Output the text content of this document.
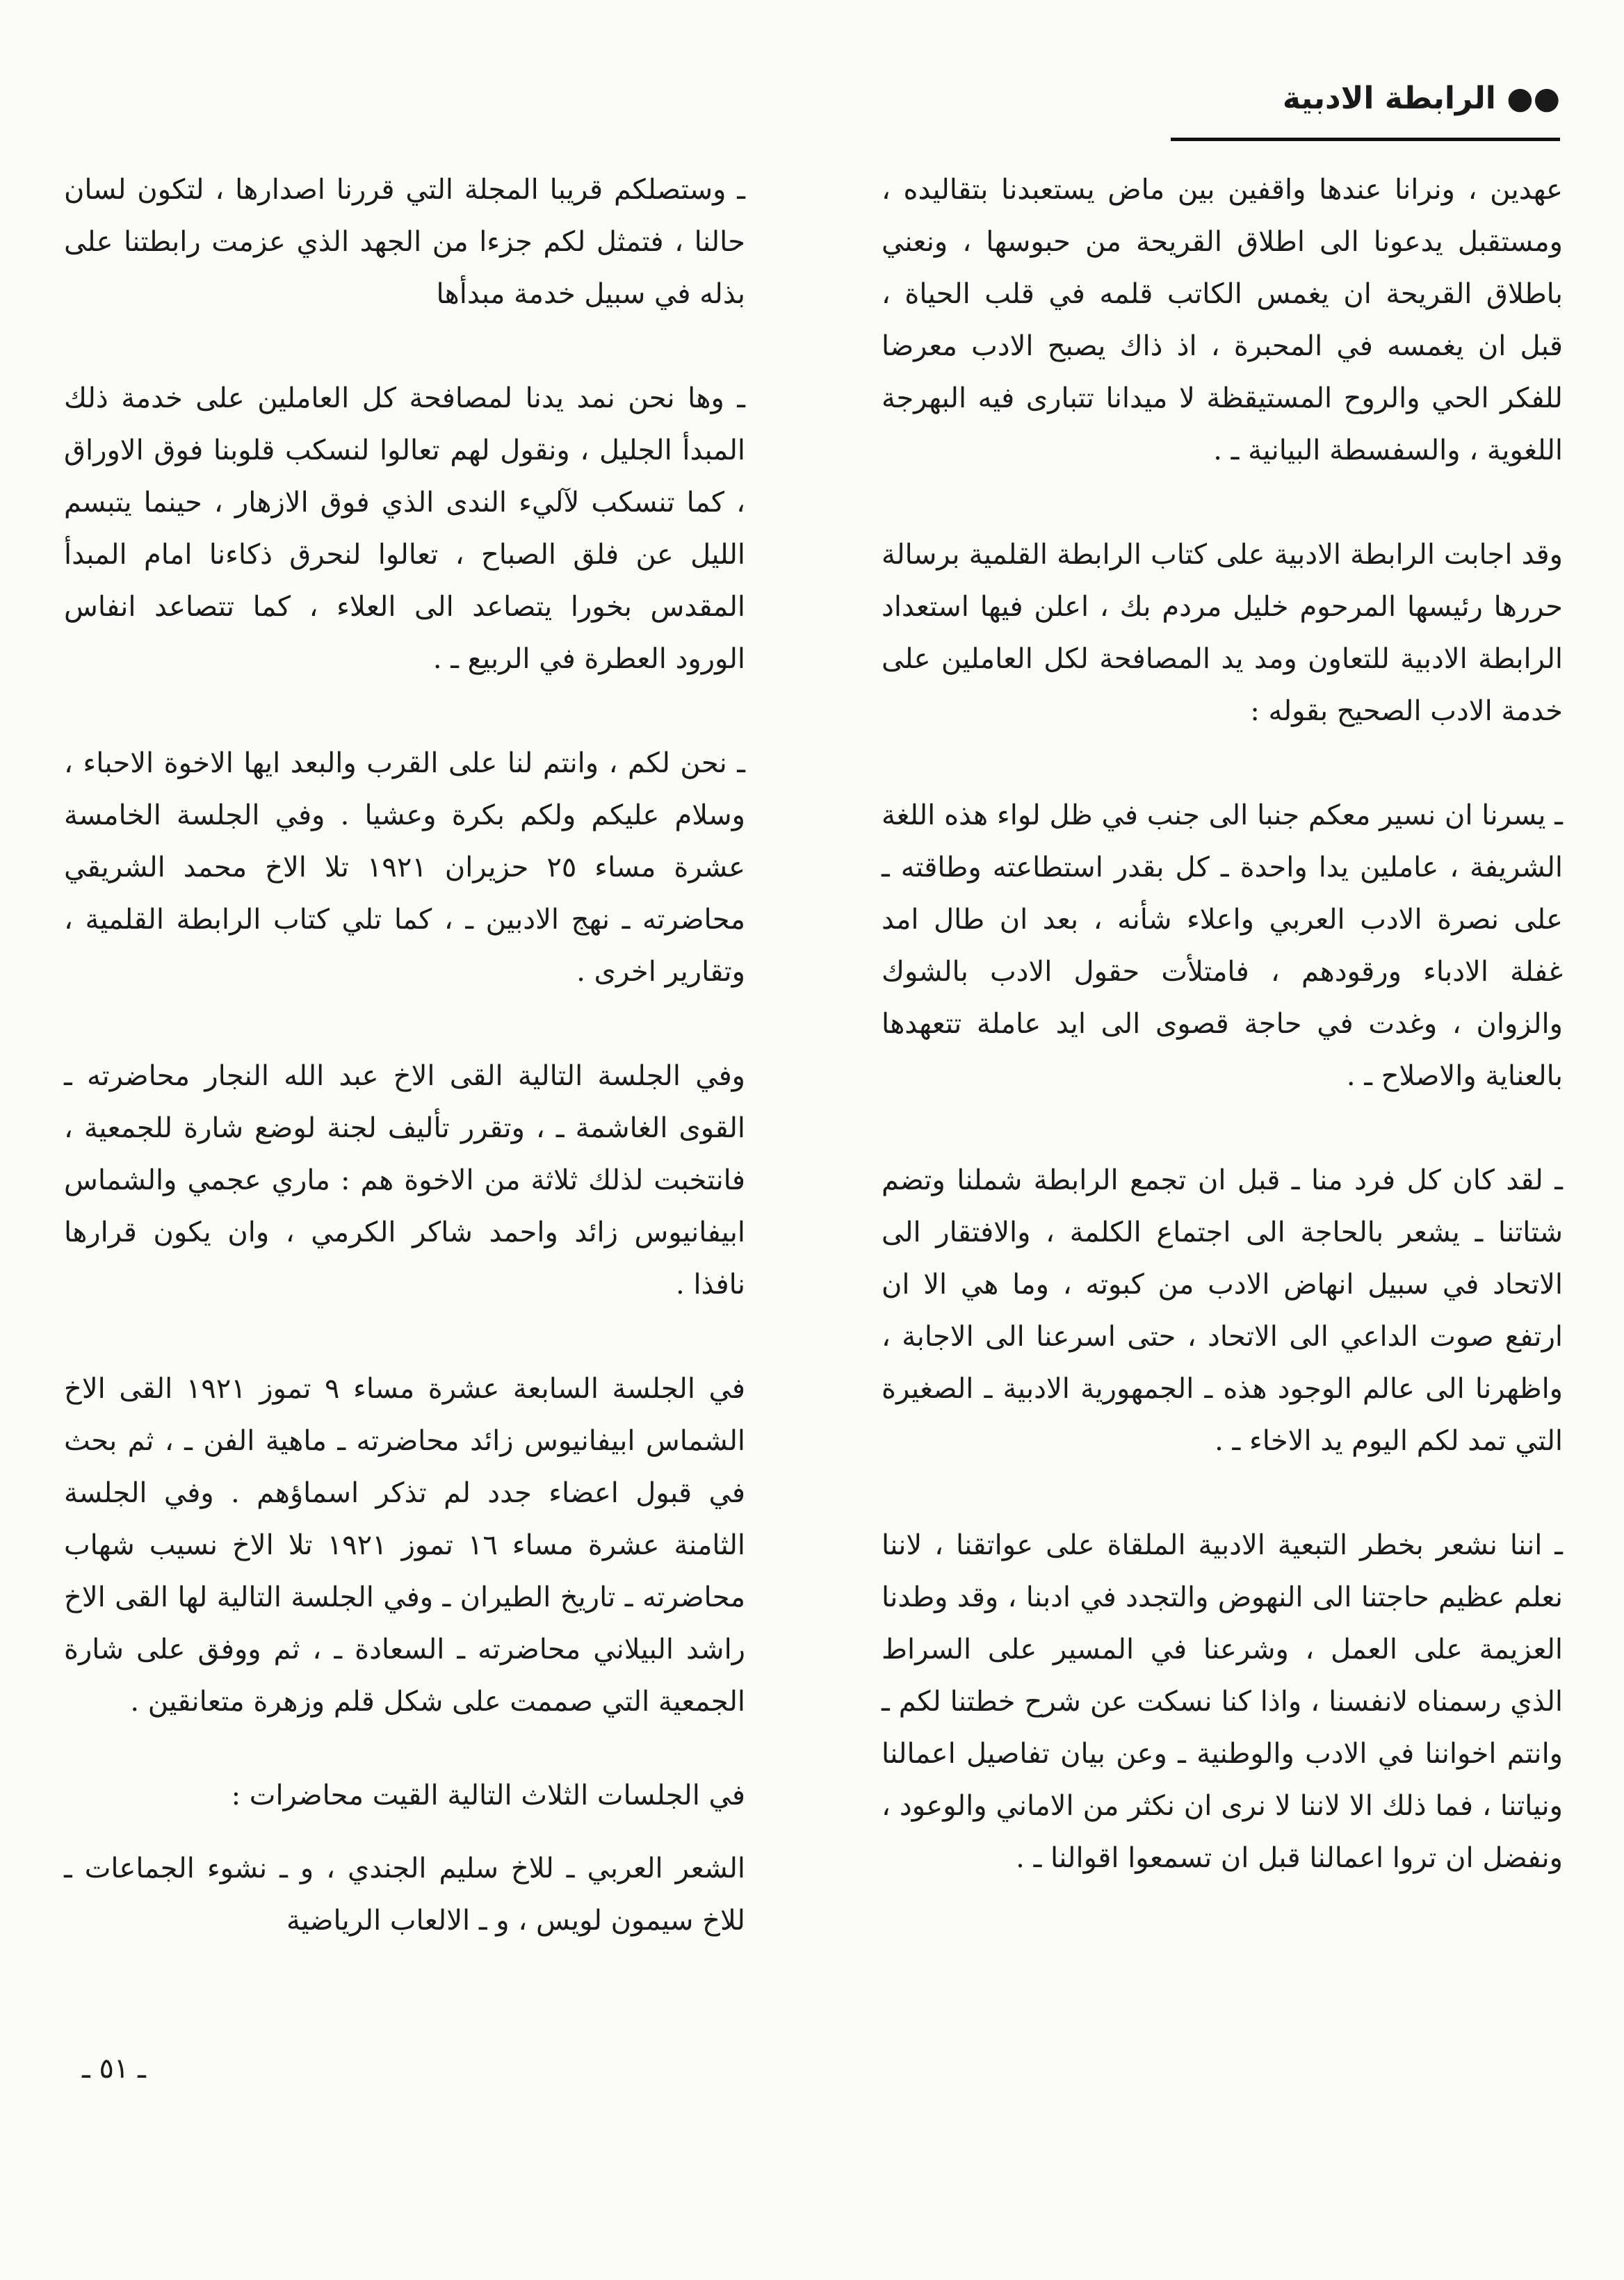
●● الرابطة الادبية

عهدين ، ونرانا عندها واقفين بين ماض يستعبدنا بتقاليده ، ومستقبل يدعونا الى اطلاق القريحة من حبوسها ، ونعني باطلاق القريحة ان يغمس الكاتب قلمه في قلب الحياة ، قبل ان يغمسه في المحبرة ، اذ ذاك يصبح الادب معرضا للفكر الحي والروح المستيقظة لا ميدانا تتبارى فيه البهرجة اللغوية ، والسفسطة البيانية ـ .

وقد اجابت الرابطة الادبية على كتاب الرابطة القلمية برسالة حررها رئيسها المرحوم خليل مردم بك ، اعلن فيها استعداد الرابطة الادبية للتعاون ومد يد المصافحة لكل العاملين على خدمة الادب الصحيح بقوله :

ـ يسرنا ان نسير معكم جنبا الى جنب في ظل لواء هذه اللغة الشريفة ، عاملين يدا واحدة ـ كل بقدر استطاعته وطاقته ـ على نصرة الادب العربي واعلاء شأنه ، بعد ان طال امد غفلة الادباء ورقودهم ، فامتلأت حقول الادب بالشوك والزوان ، وغدت في حاجة قصوى الى ايد عاملة تتعهدها بالعناية والاصلاح ـ .

ـ لقد كان كل فرد منا ـ قبل ان تجمع الرابطة شملنا وتضم شتاتنا ـ يشعر بالحاجة الى اجتماع الكلمة ، والافتقار الى الاتحاد في سبيل انهاض الادب من كبوته ، وما هي الا ان ارتفع صوت الداعي الى الاتحاد ، حتى اسرعنا الى الاجابة ، واظهرنا الى عالم الوجود هذه ـ الجمهورية الادبية ـ الصغيرة التي تمد لكم اليوم يد الاخاء ـ .

ـ اننا نشعر بخطر التبعية الادبية الملقاة على عواتقنا ، لاننا نعلم عظيم حاجتنا الى النهوض والتجدد في ادبنا ، وقد وطدنا العزيمة على العمل ، وشرعنا في المسير على السراط الذي رسمناه لانفسنا ، واذا كنا نسكت عن شرح خطتنا لكم ـ وانتم اخواننا في الادب والوطنية ـ وعن بيان تفاصيل اعمالنا ونياتنا ، فما ذلك الا لاننا لا نرى ان نكثر من الاماني والوعود ، ونفضل ان تروا اعمالنا قبل ان تسمعوا اقوالنا ـ .

ـ وستصلكم قريبا المجلة التي قررنا اصدارها ، لتكون لسان حالنا ، فتمثل لكم جزءا من الجهد الذي عزمت رابطتنا على بذله في سبيل خدمة مبدأها

ـ وها نحن نمد يدنا لمصافحة كل العاملين على خدمة ذلك المبدأ الجليل ، ونقول لهم تعالوا لنسكب قلوبنا فوق الاوراق ، كما تنسكب لآليء الندى الذي فوق الازهار ، حينما يتبسم الليل عن فلق الصباح ، تعالوا لنحرق ذكاءنا امام المبدأ المقدس بخورا يتصاعد الى العلاء ، كما تتصاعد انفاس الورود العطرة في الربيع ـ .

ـ نحن لكم ، وانتم لنا على القرب والبعد ايها الاخوة الاحباء ، وسلام عليكم ولكم بكرة وعشيا . وفي الجلسة الخامسة عشرة مساء ٢٥ حزيران ١٩٢١ تلا الاخ محمد الشريقي محاضرته ـ نهج الادبين ـ ، كما تلي كتاب الرابطة القلمية ، وتقارير اخرى .

وفي الجلسة التالية القى الاخ عبد الله النجار محاضرته ـ القوى الغاشمة ـ ، وتقرر تأليف لجنة لوضع شارة للجمعية ، فانتخبت لذلك ثلاثة من الاخوة هم : ماري عجمي والشماس ابيفانيوس زائد واحمد شاكر الكرمي ، وان يكون قرارها نافذا .

في الجلسة السابعة عشرة مساء ٩ تموز ١٩٢١ القى الاخ الشماس ابيفانيوس زائد محاضرته ـ ماهية الفن ـ ، ثم بحث في قبول اعضاء جدد لم تذكر اسماؤهم . وفي الجلسة الثامنة عشرة مساء ١٦ تموز ١٩٢١ تلا الاخ نسيب شهاب محاضرته ـ تاريخ الطيران ـ وفي الجلسة التالية لها القى الاخ راشد البيلاني محاضرته ـ السعادة ـ ، ثم ووفق على شارة الجمعية التي صممت على شكل قلم وزهرة متعانقين .

في الجلسات الثلاث التالية القيت محاضرات :

الشعر العربي ـ للاخ سليم الجندي ، و ـ نشوء الجماعات ـ للاخ سيمون لويس ، و ـ الالعاب الرياضية

ـ ٥١ ـ
